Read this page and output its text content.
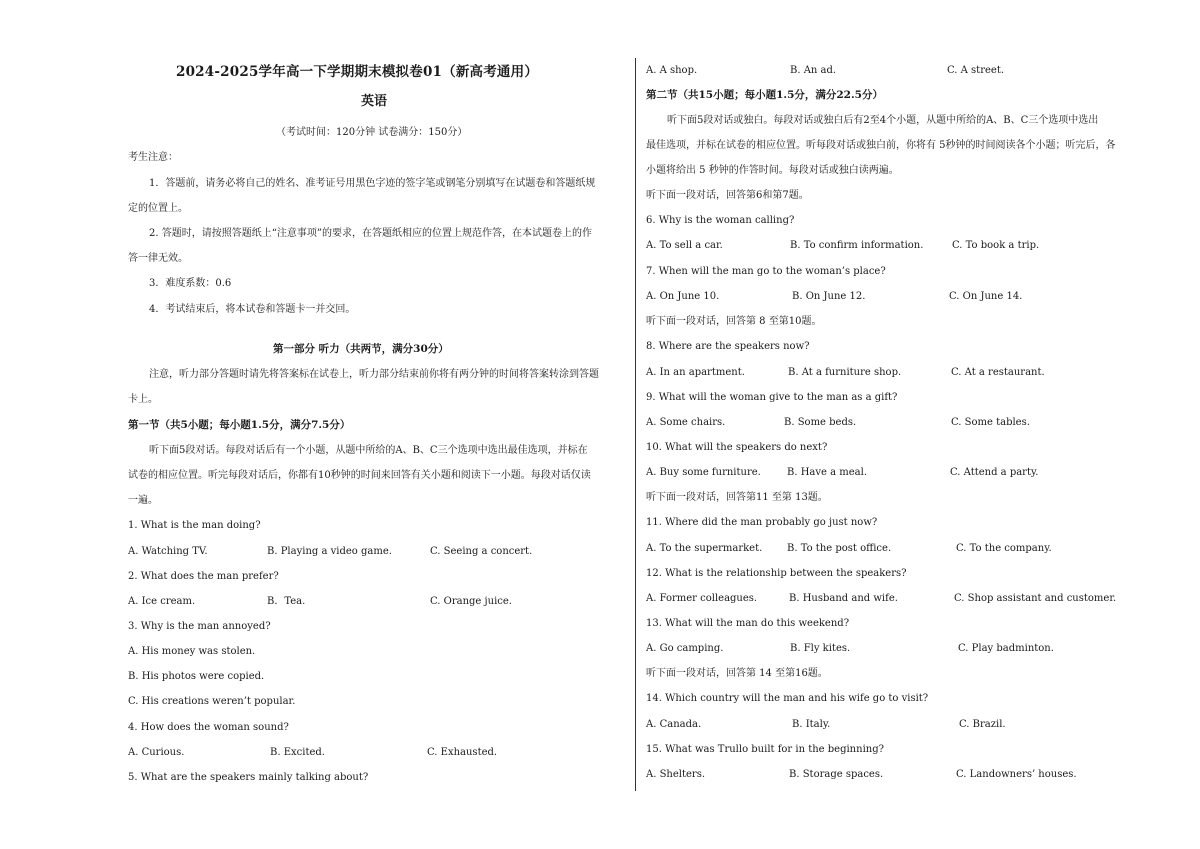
2024-2025学年高一下学期期末模拟卷01（新高考通用）
英语
（考试时间：120分钟 试卷满分：150分）
考生注意：
1．答题前，请务必将自己的姓名、准考证号用黑色字迹的签字笔或钢笔分别填写在试题卷和答题纸规
定的位置上。
2. 答题时，请按照答题纸上“注意事项”的要求，在答题纸相应的位置上规范作答，在本试题卷上的作
答一律无效。
3．难度系数：0.6
4．考试结束后，将本试卷和答题卡一并交回。
第一部分 听力（共两节，满分30分）
注意，听力部分答题时请先将答案标在试卷上，听力部分结束前你将有两分钟的时间将答案转涂到答题
卡上。
第一节（共5小题；每小题1.5分，满分7.5分）
听下面5段对话。每段对话后有一个小题，从题中所给的A、B、C三个选项中选出最佳选项，并标在
试卷的相应位置。听完每段对话后，你都有10秒钟的时间来回答有关小题和阅读下一小题。每段对话仅读
一遍。
1. What is the man doing?
A. Watching TV.	B. Playing a video game.	C. Seeing a concert.
2. What does the man prefer?
A. Ice cream.	B．Tea.	C. Orange juice.
3. Why is the man annoyed?
A. His money was stolen.
B. His photos were copied.
C. His creations weren’t popular.
4. How does the woman sound?
A. Curious.	B. Excited.	C. Exhausted.
5. What are the speakers mainly talking about?
A. A shop.	B. An ad.	C. A street.
第二节（共15小题；每小题1.5分，满分22.5分）
听下面5段对话或独白。每段对话或独白后有2至4个小题，从题中所给的A、B、C三个选项中选出
最佳选项，并标在试卷的相应位置。听每段对话或独白前，你将有 5秒钟的时间阅读各个小题；听完后，各
小题将给出 5 秒钟的作答时间。每段对话或独白读两遍。
听下面一段对话，回答第6和第7题。
6. Why is the woman calling?
A. To sell a car.	B. To confirm information.	C. To book a trip.
7. When will the man go to the woman’s place?
A. On June 10.	B. On June 12.	C. On June 14.
听下面一段对话，回答第 8 至第10题。
8. Where are the speakers now?
A. In an apartment.	B. At a furniture shop.	C. At a restaurant.
9. What will the woman give to the man as a gift?
A. Some chairs.	B. Some beds.	C. Some tables.
10. What will the speakers do next?
A. Buy some furniture.	B. Have a meal.	C. Attend a party.
听下面一段对话，回答第11 至第 13题。
11. Where did the man probably go just now?
A. To the supermarket. B. To the post office.	C. To the company.
12. What is the relationship between the speakers?
A. Former colleagues.	B. Husband and wife.	C. Shop assistant and customer.
13. What will the man do this weekend?
A. Go camping.	B. Fly kites.	C. Play badminton.
听下面一段对话，回答第 14 至第16题。
14. Which country will the man and his wife go to visit?
A. Canada.	B. Italy.	C. Brazil.
15. What was Trullo built for in the beginning?
A. Shelters.	B. Storage spaces.	C. Landowners’ houses.
